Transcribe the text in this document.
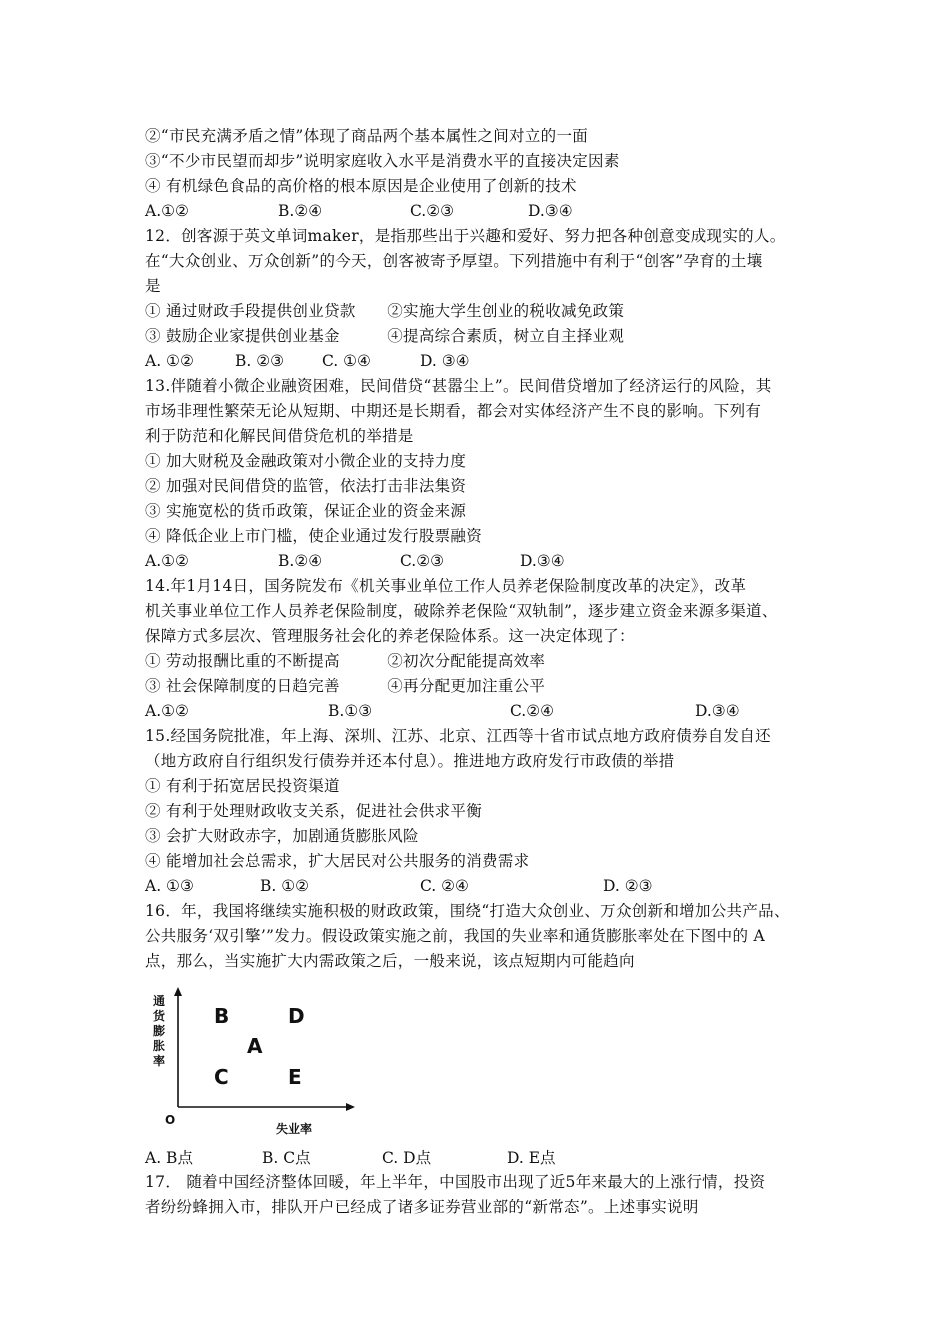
②“市民充满矛盾之情”体现了商品两个基本属性之间对立的一面
③“不少市民望而却步”说明家庭收入水平是消费水平的直接决定因素
④ 有机绿色食品的高价格的根本原因是企业使用了创新的技术
A.①②	B.②④	C.②③	D.③④
12．创客源于英文单词maker，是指那些出于兴趣和爱好、努力把各种创意变成现实的人。
在“大众创业、万众创新”的今天，创客被寄予厚望。下列措施中有利于“创客”孕育的土壤
是
① 通过财政手段提供创业贷款　　②实施大学生创业的税收减免政策
③ 鼓励企业家提供创业基金　　　④提高综合素质，树立自主择业观
A. ①②	B. ②③ C. ①④	D. ③④
13.伴随着小微企业融资困难，民间借贷“甚嚣尘上”。民间借贷增加了经济运行的风险，其
市场非理性繁荣无论从短期、中期还是长期看，都会对实体经济产生不良的影响。下列有
利于防范和化解民间借贷危机的举措是
① 加大财税及金融政策对小微企业的支持力度
② 加强对民间借贷的监管，依法打击非法集资
③ 实施宽松的货币政策，保证企业的资金来源
④ 降低企业上市门槛，使企业通过发行股票融资
A.①②	B.②④	C.②③	D.③④
14.年1月14日，国务院发布《机关事业单位工作人员养老保险制度改革的决定》，改革
机关事业单位工作人员养老保险制度，破除养老保险“双轨制”，逐步建立资金来源多渠道、
保障方式多层次、管理服务社会化的养老保险体系。这一决定体现了：
① 劳动报酬比重的不断提高　　　②初次分配能提高效率
③ 社会保障制度的日趋完善　　　④再分配更加注重公平
A.①②	B.①③	C.②④	D.③④
15.经国务院批准，年上海、深圳、江苏、北京、江西等十省市试点地方政府债券自发自还
（地方政府自行组织发行债券并还本付息）。推进地方政府发行市政债的举措
① 有利于拓宽居民投资渠道
② 有利于处理财政收支关系，促进社会供求平衡
③ 会扩大财政赤字，加剧通货膨胀风险
④ 能增加社会总需求，扩大居民对公共服务的消费需求
A. ①③	B. ①②	C. ②④	D. ②③
16．年，我国将继续实施积极的财政政策，围绕“打造大众创业、万众创新和增加公共产品、
公共服务‘双引擎’”发力。假设政策实施之前，我国的失业率和通货膨胀率处在下图中的 A
点，那么，当实施扩大内需政策之后，一般来说，该点短期内可能趋向
通
货
膨
胀
率
O
失业率
B	D
A
C	E
A. B点	B. C点	C. D点	D. E点
17． 随着中国经济整体回暖，年上半年，中国股市出现了近5年来最大的上涨行情，投资
者纷纷蜂拥入市，排队开户已经成了诸多证券营业部的“新常态”。上述事实说明
